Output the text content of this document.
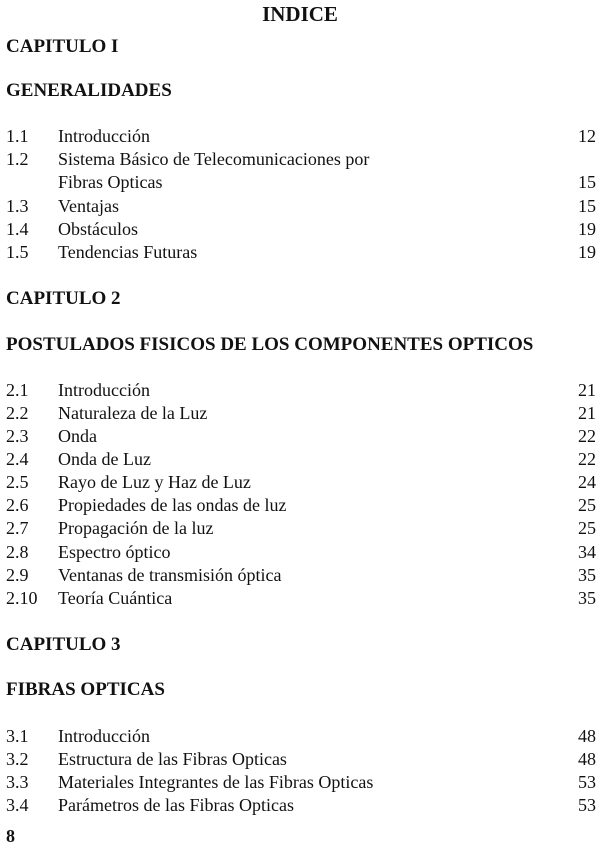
INDICE
CAPITULO I
GENERALIDADES
1.1 Introducción	12
1.2 Sistema Básico de Telecomunicaciones por
Fibras Opticas	15
1.3 Ventajas	15
1.4 Obstáculos	19
1.5 Tendencias Futuras	19
CAPITULO 2
POSTULADOS FISICOS DE LOS COMPONENTES OPTICOS
2.1 Introducción	21
2.2 Naturaleza de la Luz	21
2.3 Onda	22
2.4 Onda de Luz	22
2.5 Rayo de Luz y Haz de Luz	24
2.6 Propiedades de las ondas de luz	25
2.7 Propagación de la luz	25
2.8 Espectro óptico	34
2.9 Ventanas de transmisión óptica	35
2.10 Teoría Cuántica	35
CAPITULO 3
FIBRAS OPTICAS
3.1 Introducción	48
3.2 Estructura de las Fibras Opticas	48
3.3 Materiales Integrantes de las Fibras Opticas	53
3.4 Parámetros de las Fibras Opticas	53
8
